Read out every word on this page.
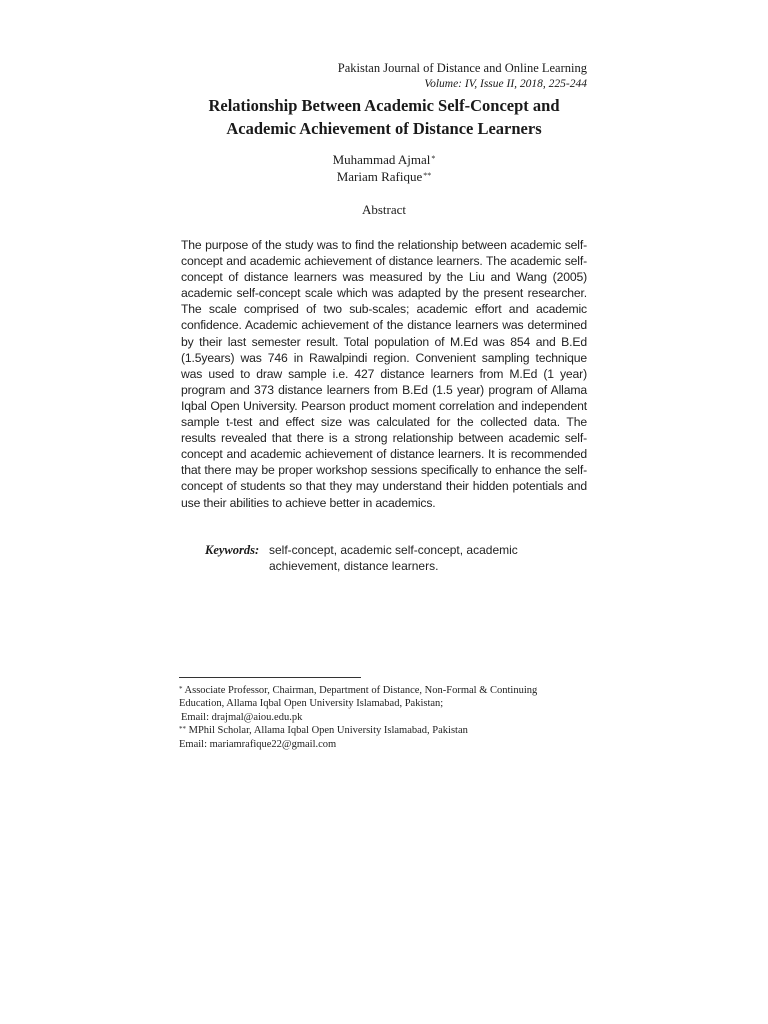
Pakistan Journal of Distance and Online Learning
Volume: IV, Issue II, 2018, 225-244
Relationship Between Academic Self-Concept and
Academic Achievement of Distance Learners
Muhammad Ajmal*
Mariam Rafique**
Abstract
The purpose of the study was to find the relationship between academic self-concept and academic achievement of distance learners. The academic self-concept of distance learners was measured by the Liu and Wang (2005) academic self-concept scale which was adapted by the present researcher. The scale comprised of two sub-scales; academic effort and academic confidence. Academic achievement of the distance learners was determined by their last semester result. Total population of M.Ed was 854 and B.Ed (1.5years) was 746 in Rawalpindi region. Convenient sampling technique was used to draw sample i.e. 427 distance learners from M.Ed (1 year) program and 373 distance learners from B.Ed (1.5 year) program of Allama Iqbal Open University. Pearson product moment correlation and independent sample t-test and effect size was calculated for the collected data. The results revealed that there is a strong relationship between academic self-concept and academic achievement of distance learners. It is recommended that there may be proper workshop sessions specifically to enhance the self-concept of students so that they may understand their hidden potentials and use their abilities to achieve better in academics.
Keywords: self-concept, academic self-concept, academic achievement, distance learners.
* Associate Professor, Chairman, Department of Distance, Non-Formal & Continuing
Education, Allama Iqbal Open University Islamabad, Pakistan;
Email: drajmal@aiou.edu.pk
** MPhil Scholar, Allama Iqbal Open University Islamabad, Pakistan
Email: mariamrafique22@gmail.com
